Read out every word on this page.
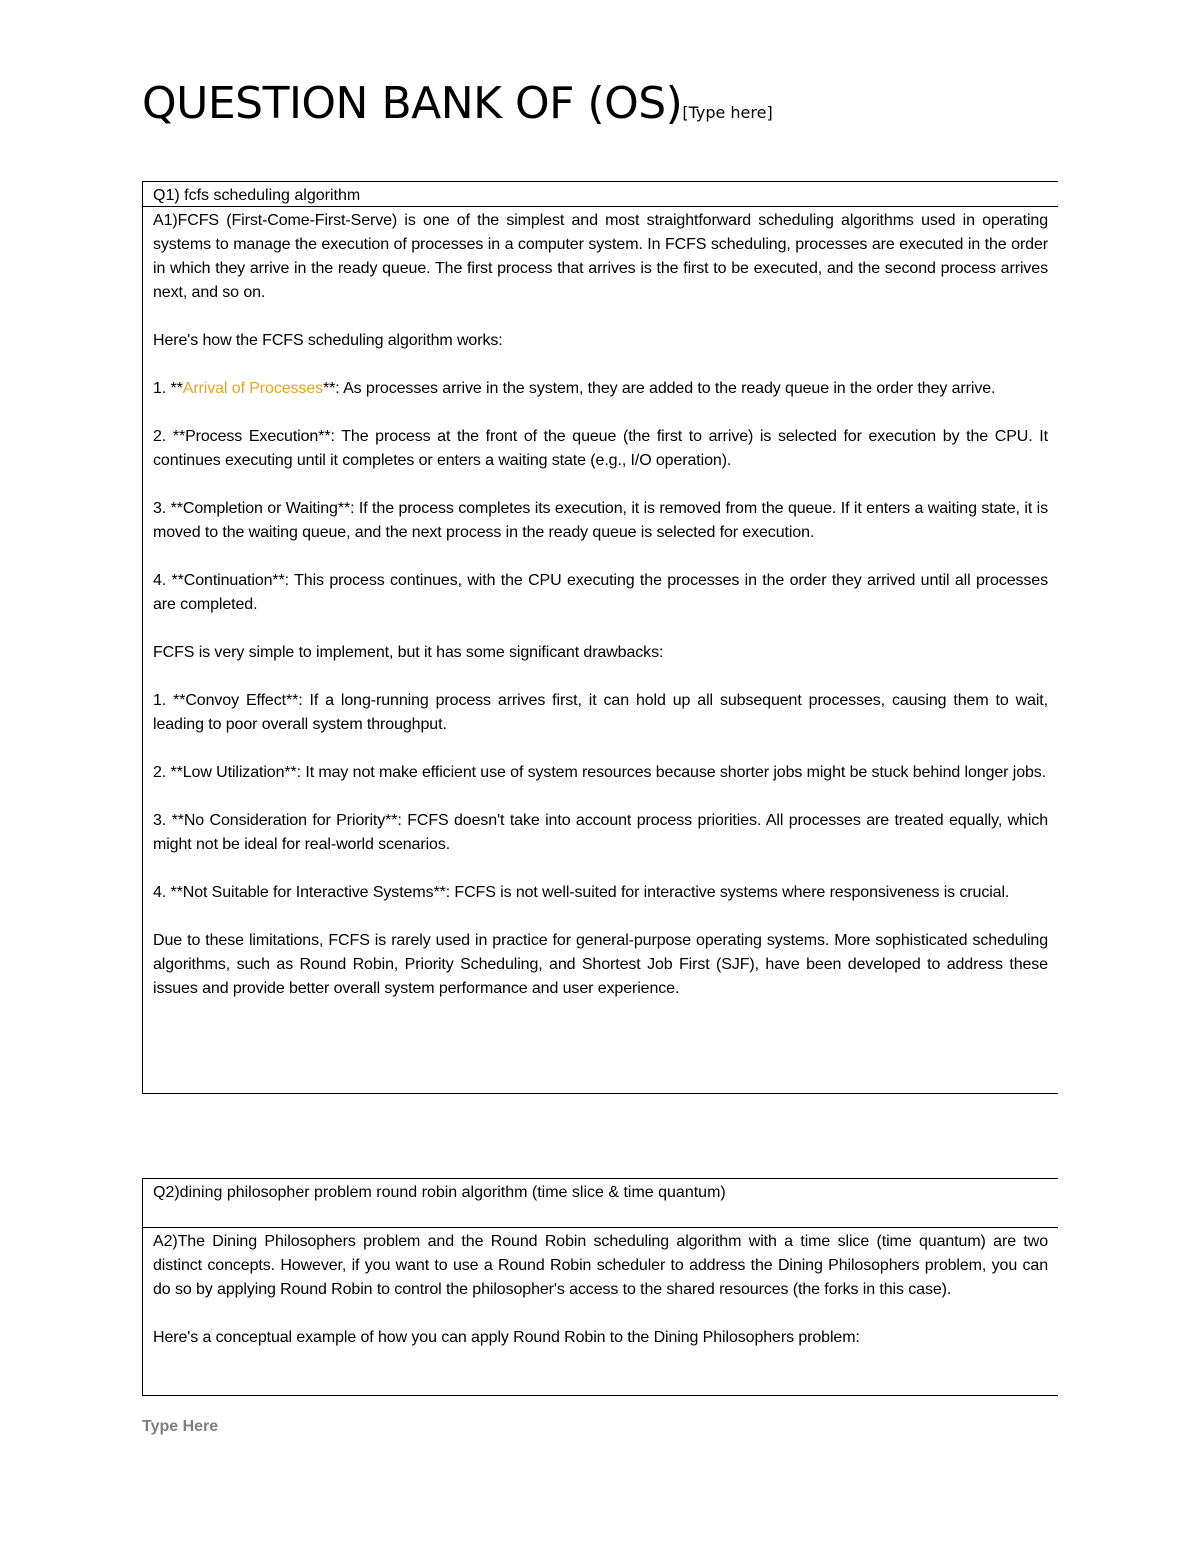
QUESTION BANK OF (OS)[Type here]
Q1) fcfs scheduling algorithm

A1)FCFS (First-Come-First-Serve) is one of the simplest and most straightforward scheduling algorithms used in operating systems to manage the execution of processes in a computer system. In FCFS scheduling, processes are executed in the order in which they arrive in the ready queue. The first process that arrives is the first to be executed, and the second process arrives next, and so on.

Here's how the FCFS scheduling algorithm works:

1. **Arrival of Processes**: As processes arrive in the system, they are added to the ready queue in the order they arrive.

2. **Process Execution**: The process at the front of the queue (the first to arrive) is selected for execution by the CPU. It continues executing until it completes or enters a waiting state (e.g., I/O operation).

3. **Completion or Waiting**: If the process completes its execution, it is removed from the queue. If it enters a waiting state, it is moved to the waiting queue, and the next process in the ready queue is selected for execution.

4. **Continuation**: This process continues, with the CPU executing the processes in the order they arrived until all processes are completed.

FCFS is very simple to implement, but it has some significant drawbacks:

1. **Convoy Effect**: If a long-running process arrives first, it can hold up all subsequent processes, causing them to wait, leading to poor overall system throughput.

2. **Low Utilization**: It may not make efficient use of system resources because shorter jobs might be stuck behind longer jobs.

3. **No Consideration for Priority**: FCFS doesn't take into account process priorities. All processes are treated equally, which might not be ideal for real-world scenarios.

4. **Not Suitable for Interactive Systems**: FCFS is not well-suited for interactive systems where responsiveness is crucial.

Due to these limitations, FCFS is rarely used in practice for general-purpose operating systems. More sophisticated scheduling algorithms, such as Round Robin, Priority Scheduling, and Shortest Job First (SJF), have been developed to address these issues and provide better overall system performance and user experience.

Q2)dining philosopher problem round robin algorithm (time slice & time quantum)

A2)The Dining Philosophers problem and the Round Robin scheduling algorithm with a time slice (time quantum) are two distinct concepts. However, if you want to use a Round Robin scheduler to address the Dining Philosophers problem, you can do so by applying Round Robin to control the philosopher's access to the shared resources (the forks in this case).

Here's a conceptual example of how you can apply Round Robin to the Dining Philosophers problem:

Type Here
